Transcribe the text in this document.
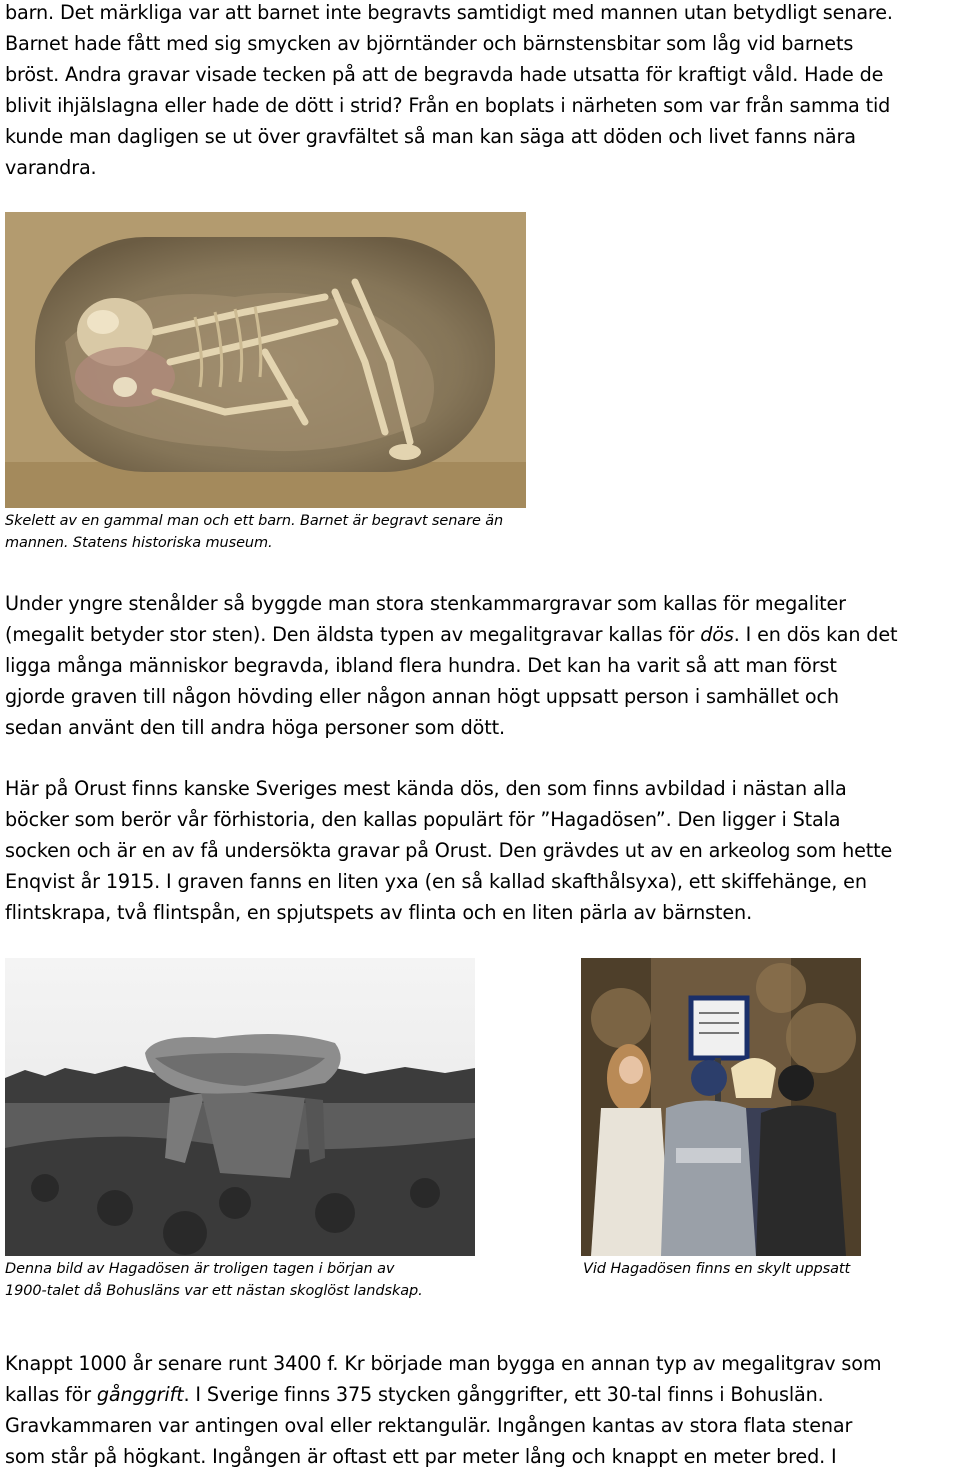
barn. Det märkliga var att barnet inte begravts samtidigt med mannen utan betydligt senare.
Barnet hade fått med sig smycken av björntänder och bärnstensbitar som låg vid barnets
bröst. Andra gravar visade tecken på att de begravda hade utsatta för kraftigt våld. Hade de
blivit ihjälslagna eller hade de dött i strid? Från en boplats i närheten som var från samma tid
kunde man dagligen se ut över gravfältet så man kan säga att döden och livet fanns nära
varandra.

Skelett av en gammal man och ett barn. Barnet är begravt senare än
mannen. Statens historiska museum.

Under yngre stenålder så byggde man stora stenkammargravar som kallas för megaliter
(megalit betyder stor sten). Den äldsta typen av megalitgravar kallas för dös. I en dös kan det
ligga många människor begravda, ibland flera hundra. Det kan ha varit så att man först
gjorde graven till någon hövding eller någon annan högt uppsatt person i samhället och
sedan använt den till andra höga personer som dött.

Här på Orust finns kanske Sveriges mest kända dös, den som finns avbildad i nästan alla
böcker som berör vår förhistoria, den kallas populärt för ”Hagadösen”. Den ligger i Stala
socken och är en av få undersökta gravar på Orust. Den grävdes ut av en arkeolog som hette
Enqvist år 1915. I graven fanns en liten yxa (en så kallad skafthålsyxa), ett skiffehänge, en
flintskrapa, två flintspån, en spjutspets av flinta och en liten pärla av bärnsten.

Denna bild av Hagadösen är troligen tagen i början av
1900-talet då Bohusläns var ett nästan skoglöst landskap.

Vid Hagadösen finns en skylt uppsatt

Knappt 1000 år senare runt 3400 f. Kr började man bygga en annan typ av megalitgrav som
kallas för gånggrift. I Sverige finns 375 stycken gånggrifter, ett 30-tal finns i Bohuslän.
Gravkammaren var antingen oval eller rektangulär. Ingången kantas av stora flata stenar
som står på högkant. Ingången är oftast ett par meter lång och knappt en meter bred. I
